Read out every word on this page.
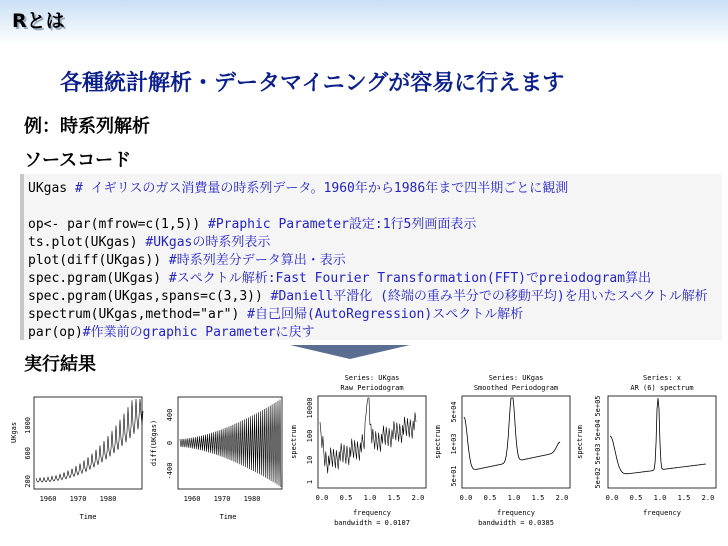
Rとは
各種統計解析・データマイニングが容易に行えます
例：時系列解析
ソースコード
UKgas # イギリスのガス消費量の時系列データ。1960年から1986年まで四半期ごとに観測
op<- par(mfrow=c(1,5)) #Praphic Parameter設定:1行5列画面表示
ts.plot(UKgas) #UKgasの時系列表示
plot(diff(UKgas)) #時系列差分データ算出・表示
spec.pgram(UKgas) #スペクトル解析:Fast Fourier Transformation(FFT)でpreiodogram算出
spec.pgram(UKgas,spans=c(3,3)) #Daniell平滑化 (終端の重み半分での移動平均)を用いたスペクトル解析
spectrum(UKgas,method="ar") #自己回帰(AutoRegression)スペクトル解析
par(op)#作業前のgraphic Parameterに戻す
実行結果
UKgas
200
600
1000
1960 1970 1980
Time
diff(UKgas)
-400
0
400
1960 1970 1980
Time
Series: UKgas
Raw Periodogram
spectrum
1
10
100
10000
0.0 0.5 1.0 1.5 2.0
frequency
bandwidth = 0.0107
Series: UKgas
Smoothed Periodogram
spectrum
5e+01
1e+03
5e+04
0.0 0.5 1.0 1.5 2.0
frequency
bandwidth = 0.0385
Series: x
AR (6) spectrum
spectrum
5e+02
5e+03
5e+04
5e+05
0.0 0.5 1.0 1.5 2.0
frequency
